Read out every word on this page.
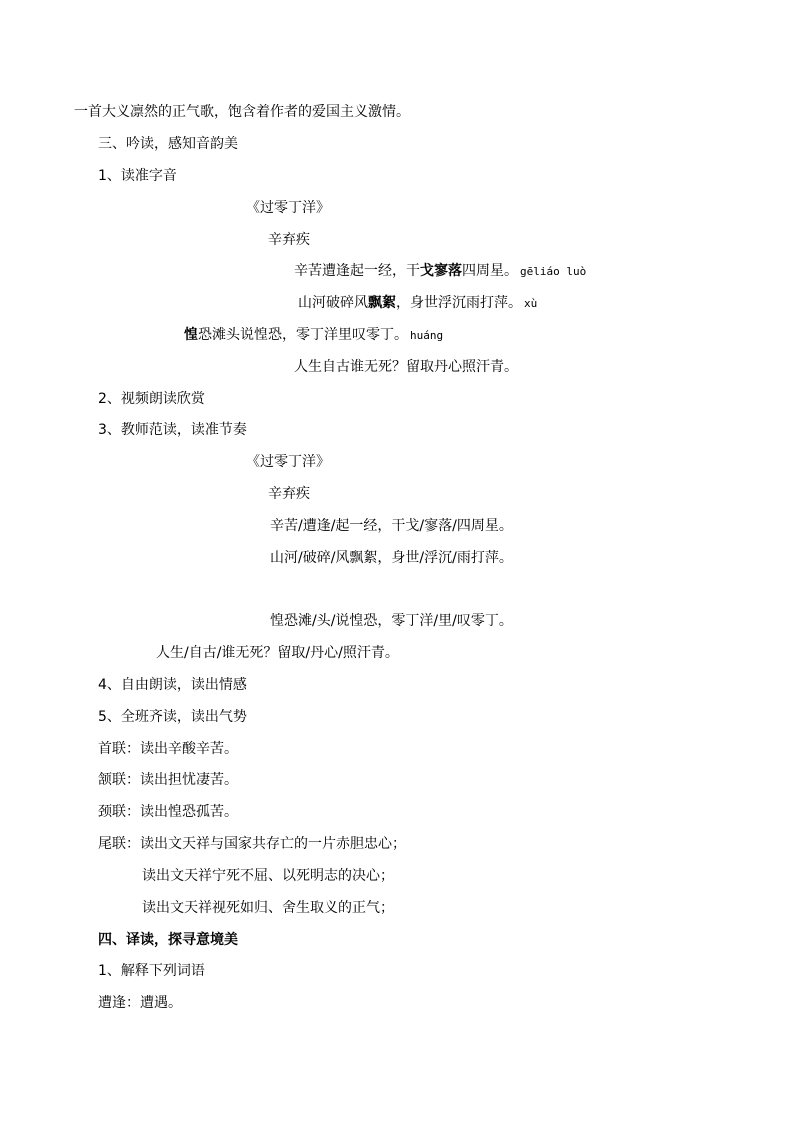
一首大义凛然的正气歌，饱含着作者的爱国主义激情。
三、吟读，感知音韵美
1、读准字音
《过零丁洋》
辛弃疾
辛苦遭逢起一经，干戈寥落四周星。 gēliáo luò
山河破碎风飘絮，身世浮沉雨打萍。 xù
惶恐滩头说惶恐，零丁洋里叹零丁。 huáng
人生自古谁无死？留取丹心照汗青。
2、视频朗读欣赏
3、教师范读，读准节奏
《过零丁洋》
辛弃疾
辛苦/遭逢/起一经，干戈/寥落/四周星。
山河/破碎/风飘絮，身世/浮沉/雨打萍。
惶恐滩/头/说惶恐，零丁洋/里/叹零丁。
人生/自古/谁无死？留取/丹心/照汗青。
4、自由朗读，读出情感
5、全班齐读，读出气势
首联：读出辛酸辛苦。
颔联：读出担忧凄苦。
颈联：读出惶恐孤苦。
尾联：读出文天祥与国家共存亡的一片赤胆忠心；
读出文天祥宁死不屈、以死明志的决心；
读出文天祥视死如归、舍生取义的正气；
四、译读，探寻意境美
1、解释下列词语
遭逢：遭遇。
